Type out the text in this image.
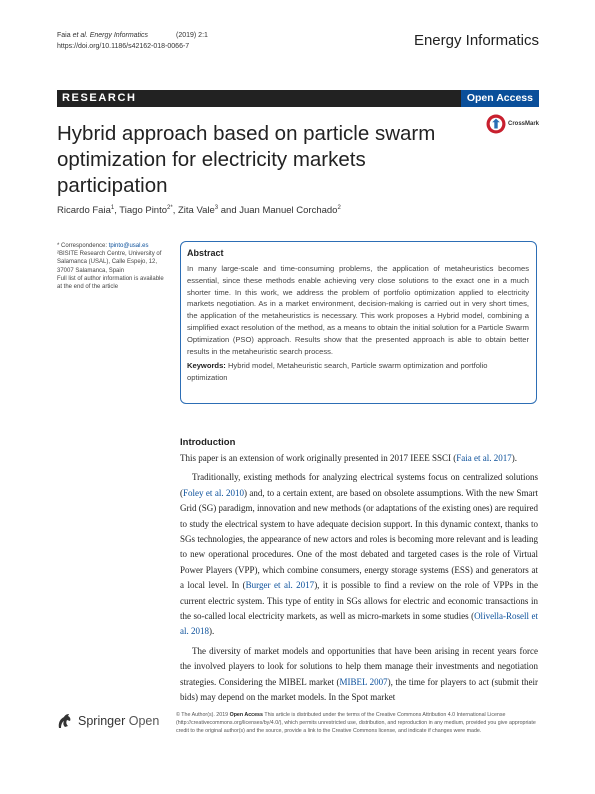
Faia et al. Energy Informatics	(2019) 2:1
https://doi.org/10.1186/s42162-018-0066-7	Energy Informatics
RESEARCH	Open Access
Hybrid approach based on particle swarm optimization for electricity markets participation
CrossMark
Ricardo Faia$^1$, Tiago Pinto$^{2*}$, Zita Vale$^3$ and Juan Manuel Corchado$^2$
* Correspondence: tpinto@usal.es
²BISITE Research Centre, University of Salamanca (USAL), Calle Espejo, 12, 37007 Salamanca, Spain
Full list of author information is available at the end of the article
Abstract
In many large-scale and time-consuming problems, the application of metaheuristics becomes essential, since these methods enable achieving very close solutions to the exact one in a much shorter time. In this work, we address the problem of portfolio optimization applied to electricity markets negotiation. As in a market environment, decision-making is carried out in very short times, the application of the metaheuristics is necessary. This work proposes a Hybrid model, combining a simplified exact resolution of the method, as a means to obtain the initial solution for a Particle Swarm Optimization (PSO) approach. Results show that the presented approach is able to obtain better results in the metaheuristic search process.
Keywords: Hybrid model, Metaheuristic search, Particle swarm optimization and portfolio optimization
Introduction

This paper is an extension of work originally presented in 2017 IEEE SSCI (Faia et al. 2017).

Traditionally, existing methods for analyzing electrical systems focus on centralized solutions (Foley et al. 2010) and, to a certain extent, are based on obsolete assumptions. With the new Smart Grid (SG) paradigm, innovation and new methods (or adaptations of the existing ones) are required to study the electrical system to have adequate decision support. In this dynamic context, thanks to SGs technologies, the appearance of new actors and roles is becoming more relevant and is leading to new operational procedures. One of the most debated and targeted cases is the role of Virtual Power Players (VPP), which combine consumers, energy storage systems (ESS) and generators at a local level. In (Burger et al. 2017), it is possible to find a review on the role of VPPs in the current electric system. This type of entity in SGs allows for electric and economic transactions in the so-called local electricity markets, as well as micro-markets in some studies (Olivella-Rosell et al. 2018).

The diversity of market models and opportunities that have been arising in recent years force the involved players to look for solutions to help them manage their investments and negotiation strategies. Considering the MIBEL market (MIBEL 2007), the time for players to act (submit their bids) may depend on the market models. In the Spot market

Springer Open	© The Author(s). 2019 Open Access This article is distributed under the terms of the Creative Commons Attribution 4.0 International License (http://creativecommons.org/licenses/by/4.0/), which permits unrestricted use, distribution, and reproduction in any medium, provided you give appropriate credit to the original author(s) and the source, provide a link to the Creative Commons license, and indicate if changes were made.
